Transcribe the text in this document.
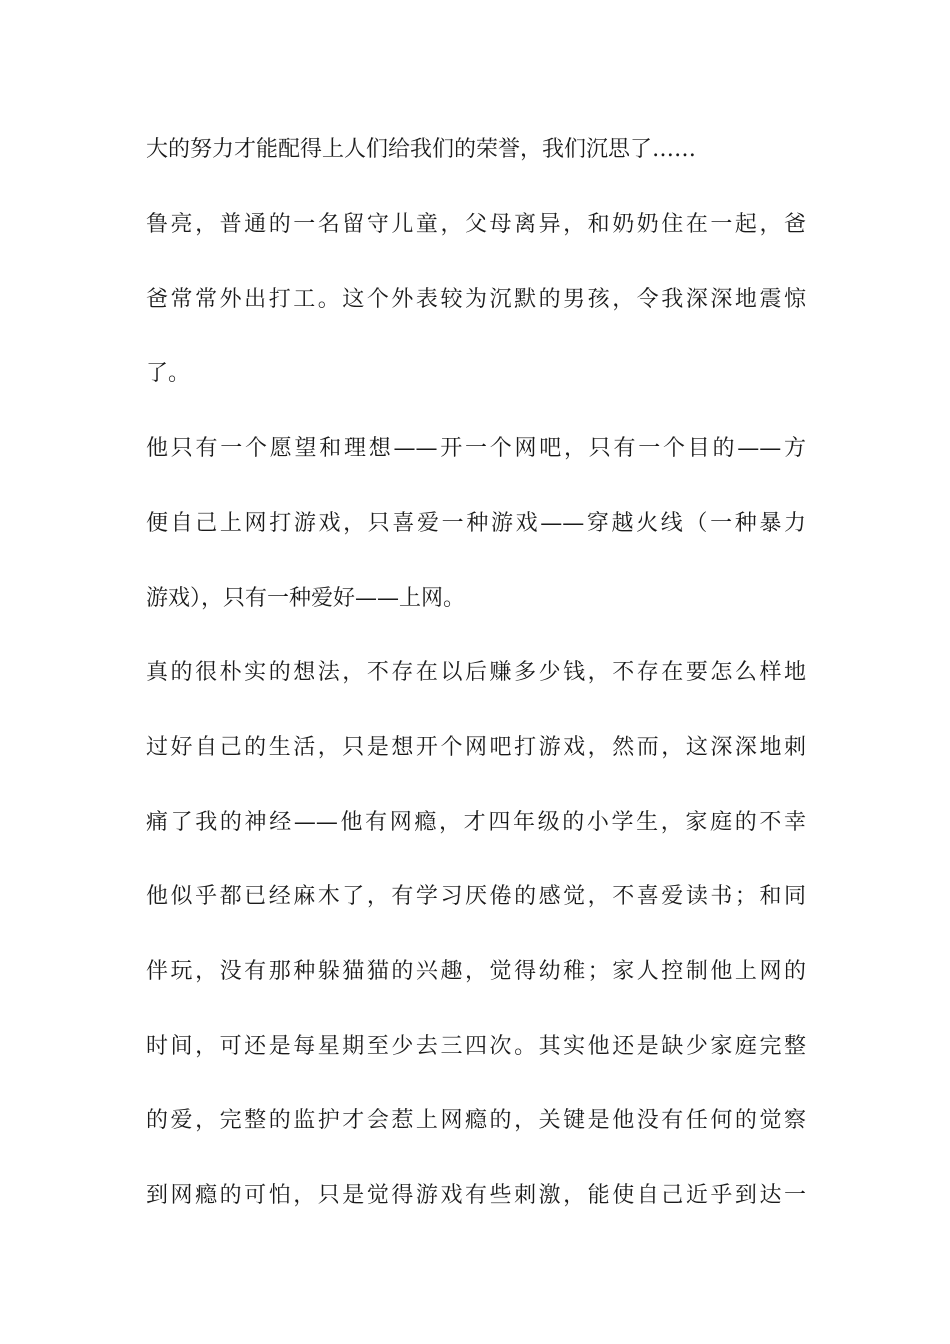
大的努力才能配得上人们给我们的荣誉，我们沉思了……
鲁亮，普通的一名留守儿童，父母离异，和奶奶住在一起，爸
爸常常外出打工。这个外表较为沉默的男孩，令我深深地震惊
了。
他只有一个愿望和理想——开一个网吧，只有一个目的——方
便自己上网打游戏，只喜爱一种游戏——穿越火线（一种暴力
游戏），只有一种爱好——上网。
真的很朴实的想法，不存在以后赚多少钱，不存在要怎么样地
过好自己的生活，只是想开个网吧打游戏，然而，这深深地刺
痛了我的神经——他有网瘾，才四年级的小学生，家庭的不幸
他似乎都已经麻木了，有学习厌倦的感觉，不喜爱读书；和同
伴玩，没有那种躲猫猫的兴趣，觉得幼稚；家人控制他上网的
时间，可还是每星期至少去三四次。其实他还是缺少家庭完整
的爱，完整的监护才会惹上网瘾的，关键是他没有任何的觉察
到网瘾的可怕，只是觉得游戏有些刺激，能使自己近乎到达一
